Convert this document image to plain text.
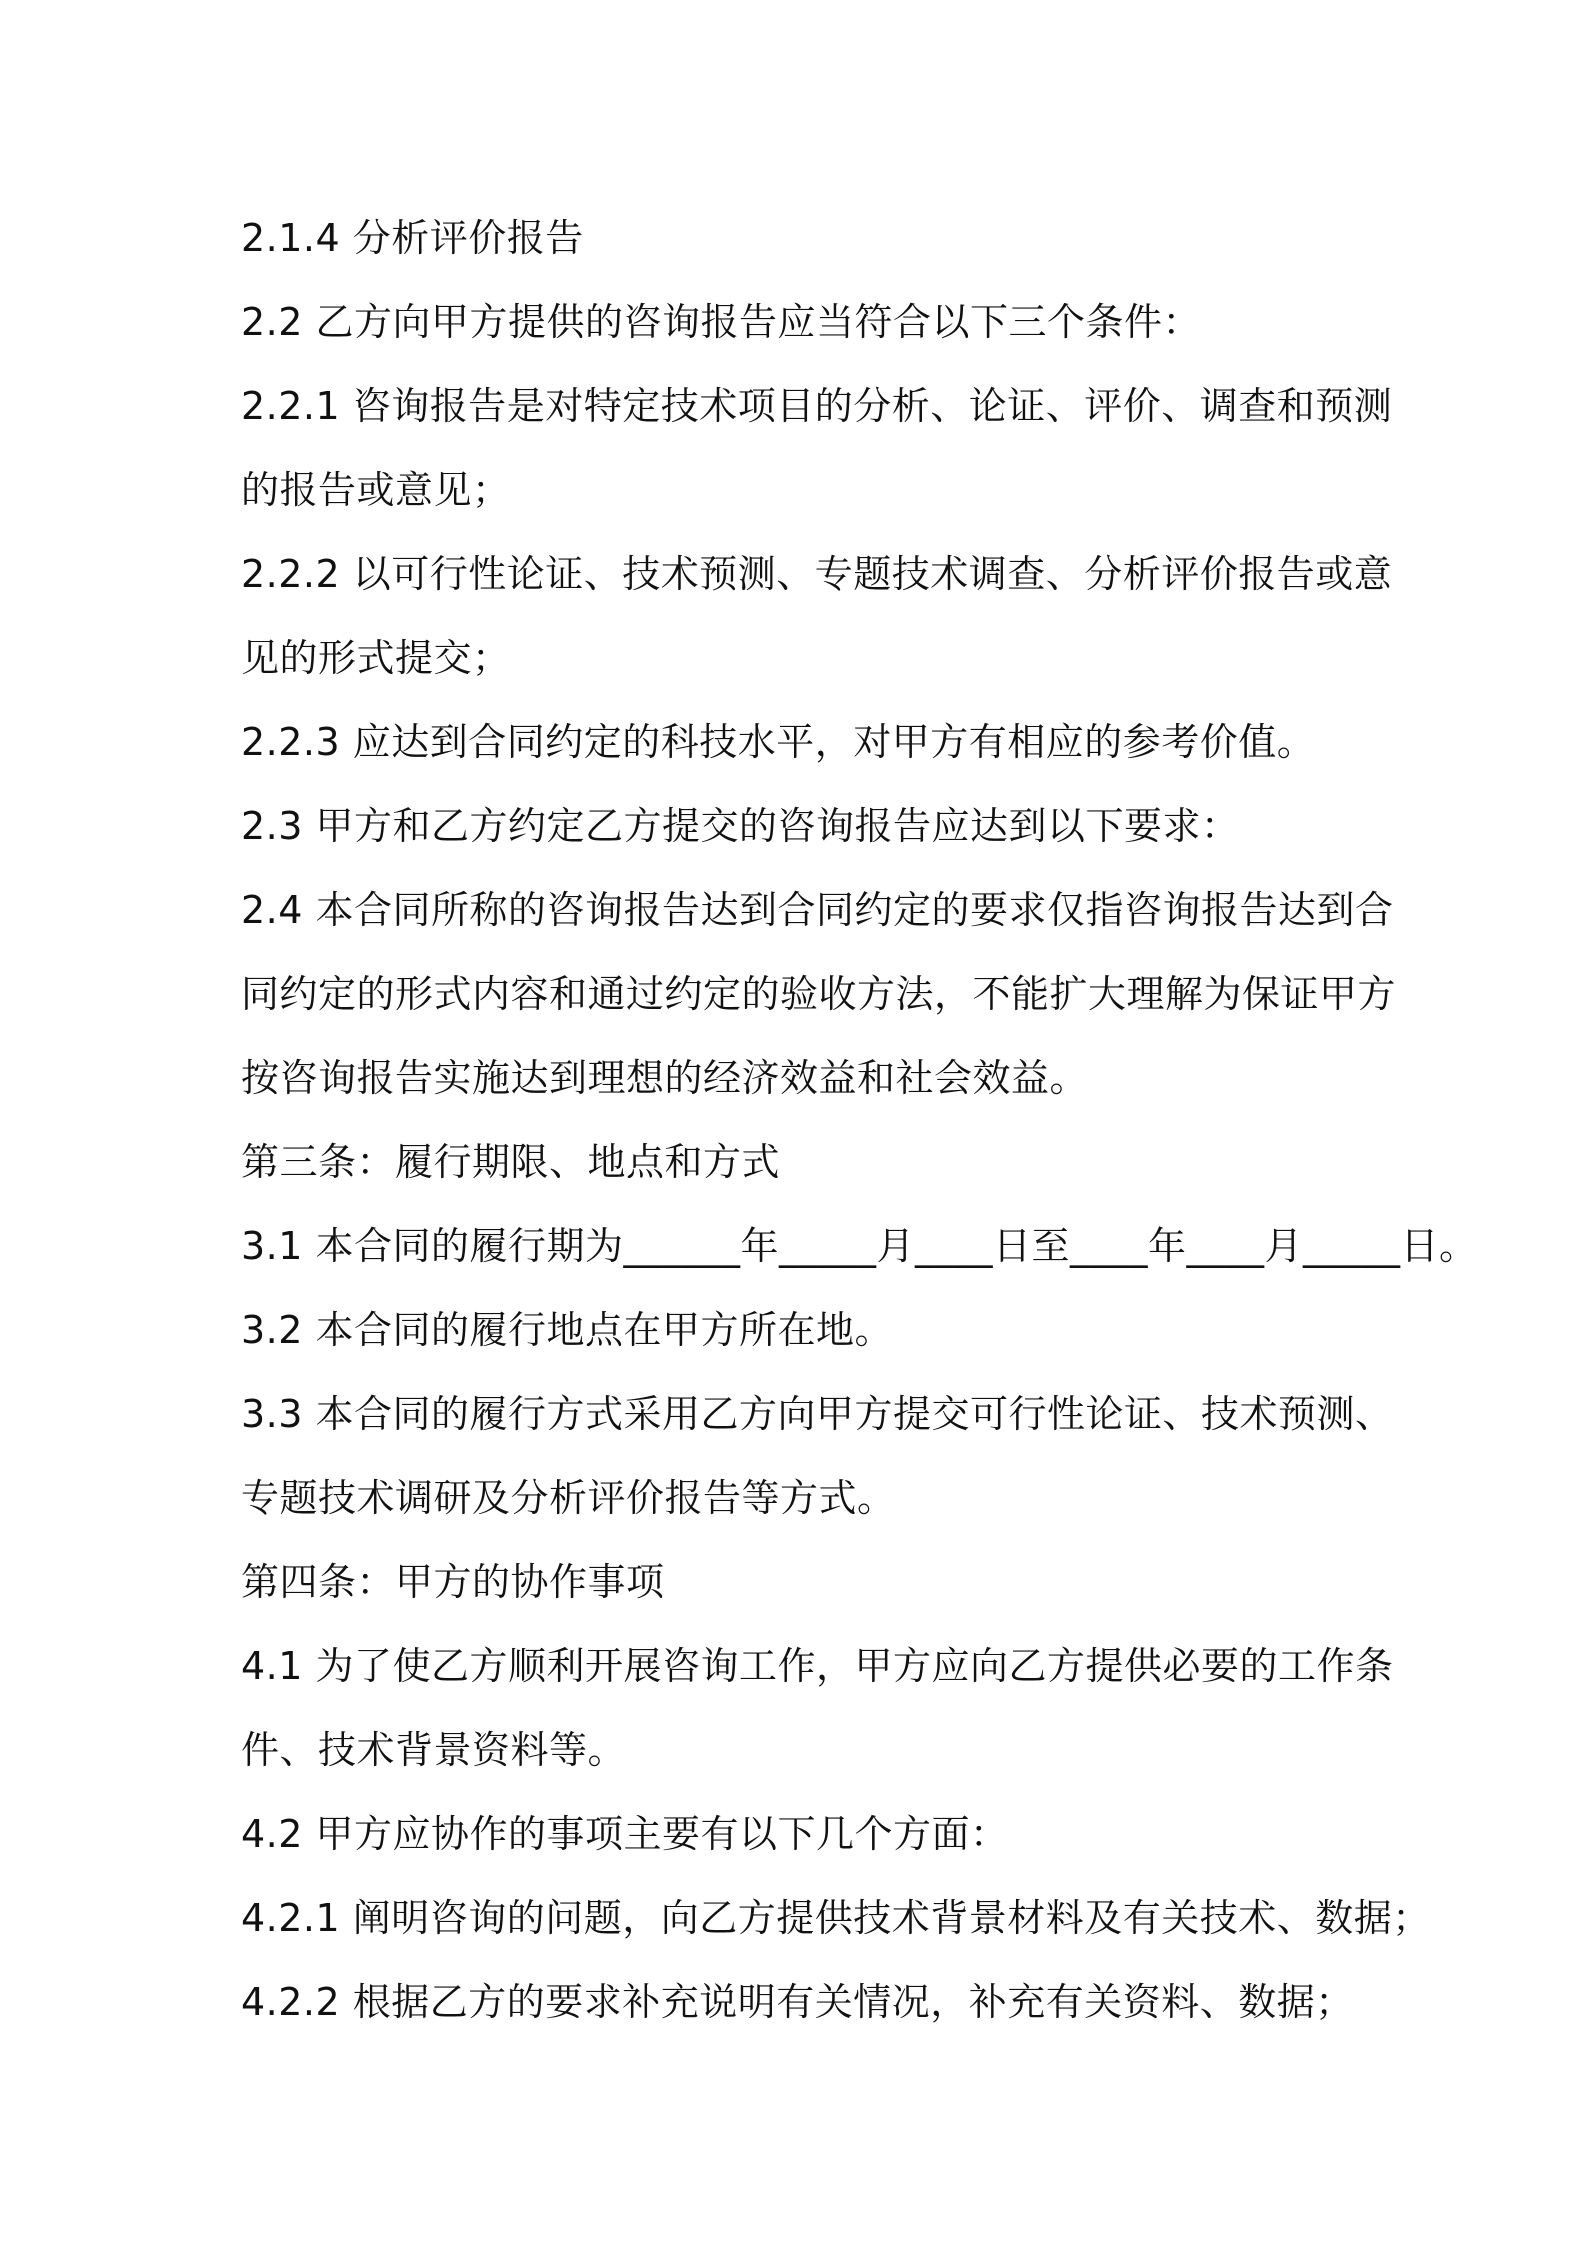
2.1.4 分析评价报告
2.2 乙方向甲方提供的咨询报告应当符合以下三个条件：
2.2.1 咨询报告是对特定技术项目的分析、论证、评价、调查和预测
的报告或意见；
2.2.2 以可行性论证、技术预测、专题技术调查、分析评价报告或意
见的形式提交；
2.2.3 应达到合同约定的科技水平，对甲方有相应的参考价值。
2.3 甲方和乙方约定乙方提交的咨询报告应达到以下要求：
2.4 本合同所称的咨询报告达到合同约定的要求仅指咨询报告达到合
同约定的形式内容和通过约定的验收方法，不能扩大理解为保证甲方
按咨询报告实施达到理想的经济效益和社会效益。
第三条：履行期限、地点和方式
3.1 本合同的履行期为______年_____月____日至____年____月_____日。
3.2 本合同的履行地点在甲方所在地。
3.3 本合同的履行方式采用乙方向甲方提交可行性论证、技术预测、
专题技术调研及分析评价报告等方式。
第四条：甲方的协作事项
4.1 为了使乙方顺利开展咨询工作，甲方应向乙方提供必要的工作条
件、技术背景资料等。
4.2 甲方应协作的事项主要有以下几个方面：
4.2.1 阐明咨询的问题，向乙方提供技术背景材料及有关技术、数据；
4.2.2 根据乙方的要求补充说明有关情况，补充有关资料、数据；
